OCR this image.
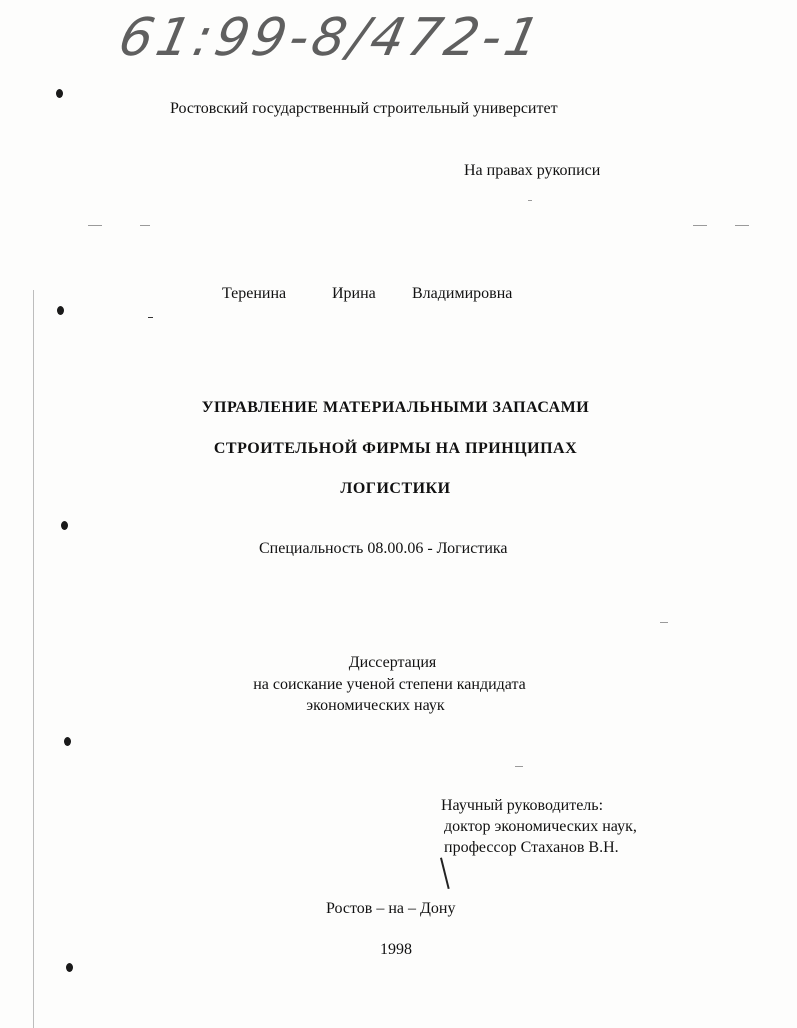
61:99-8/472-1
Ростовский государственный строительный университет
На правах рукописи
Теренина	Ирина	Владимировна
УПРАВЛЕНИЕ МАТЕРИАЛЬНЫМИ ЗАПАСАМИ
СТРОИТЕЛЬНОЙ ФИРМЫ НА ПРИНЦИПАХ
ЛОГИСТИКИ
Специальность 08.00.06 - Логистика
Диссертация
на соискание ученой степени кандидата
экономических наук
Научный руководитель:
доктор экономических наук,
профессор Стаханов В.Н.
Ростов – на – Дону
1998
